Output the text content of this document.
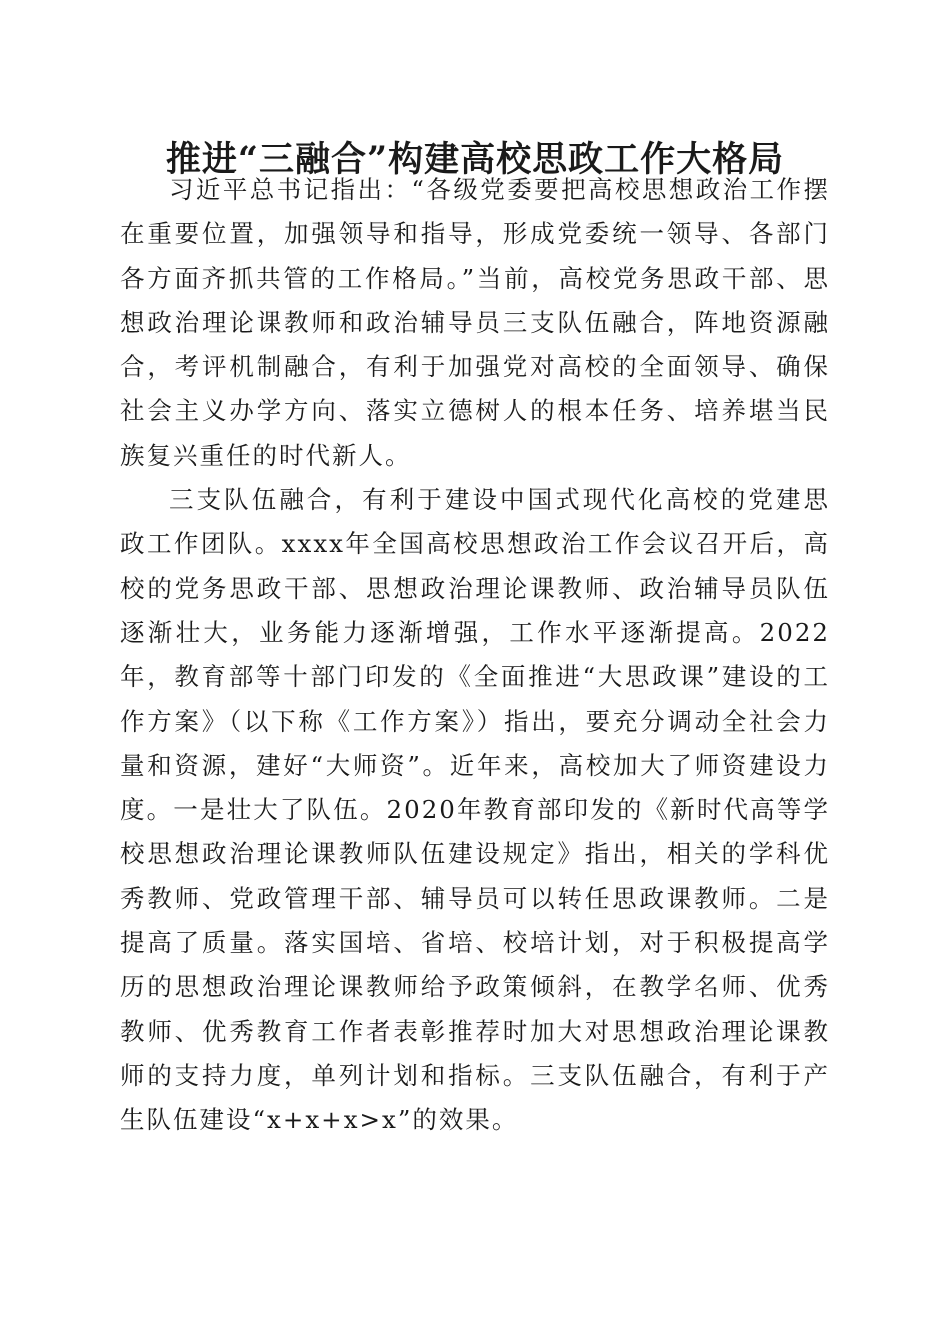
推进“三融合”构建高校思政工作大格局

习近平总书记指出：“各级党委要把高校思想政治工作摆在重要位置，加强领导和指导，形成党委统一领导、各部门各方面齐抓共管的工作格局。”当前，高校党务思政干部、思想政治理论课教师和政治辅导员三支队伍融合，阵地资源融合，考评机制融合，有利于加强党对高校的全面领导、确保社会主义办学方向、落实立德树人的根本任务、培养堪当民族复兴重任的时代新人。

三支队伍融合，有利于建设中国式现代化高校的党建思政工作团队。xxxx年全国高校思想政治工作会议召开后，高校的党务思政干部、思想政治理论课教师、政治辅导员队伍逐渐壮大，业务能力逐渐增强，工作水平逐渐提高。2022年，教育部等十部门印发的《全面推进“大思政课”建设的工作方案》（以下称《工作方案》）指出，要充分调动全社会力量和资源，建好“大师资”。近年来，高校加大了师资建设力度。一是壮大了队伍。2020年教育部印发的《新时代高等学校思想政治理论课教师队伍建设规定》指出，相关的学科优秀教师、党政管理干部、辅导员可以转任思政课教师。二是提高了质量。落实国培、省培、校培计划，对于积极提高学历的思想政治理论课教师给予政策倾斜，在教学名师、优秀教师、优秀教育工作者表彰推荐时加大对思想政治理论课教师的支持力度，单列计划和指标。三支队伍融合，有利于产生队伍建设“x+x+x>x”的效果。
